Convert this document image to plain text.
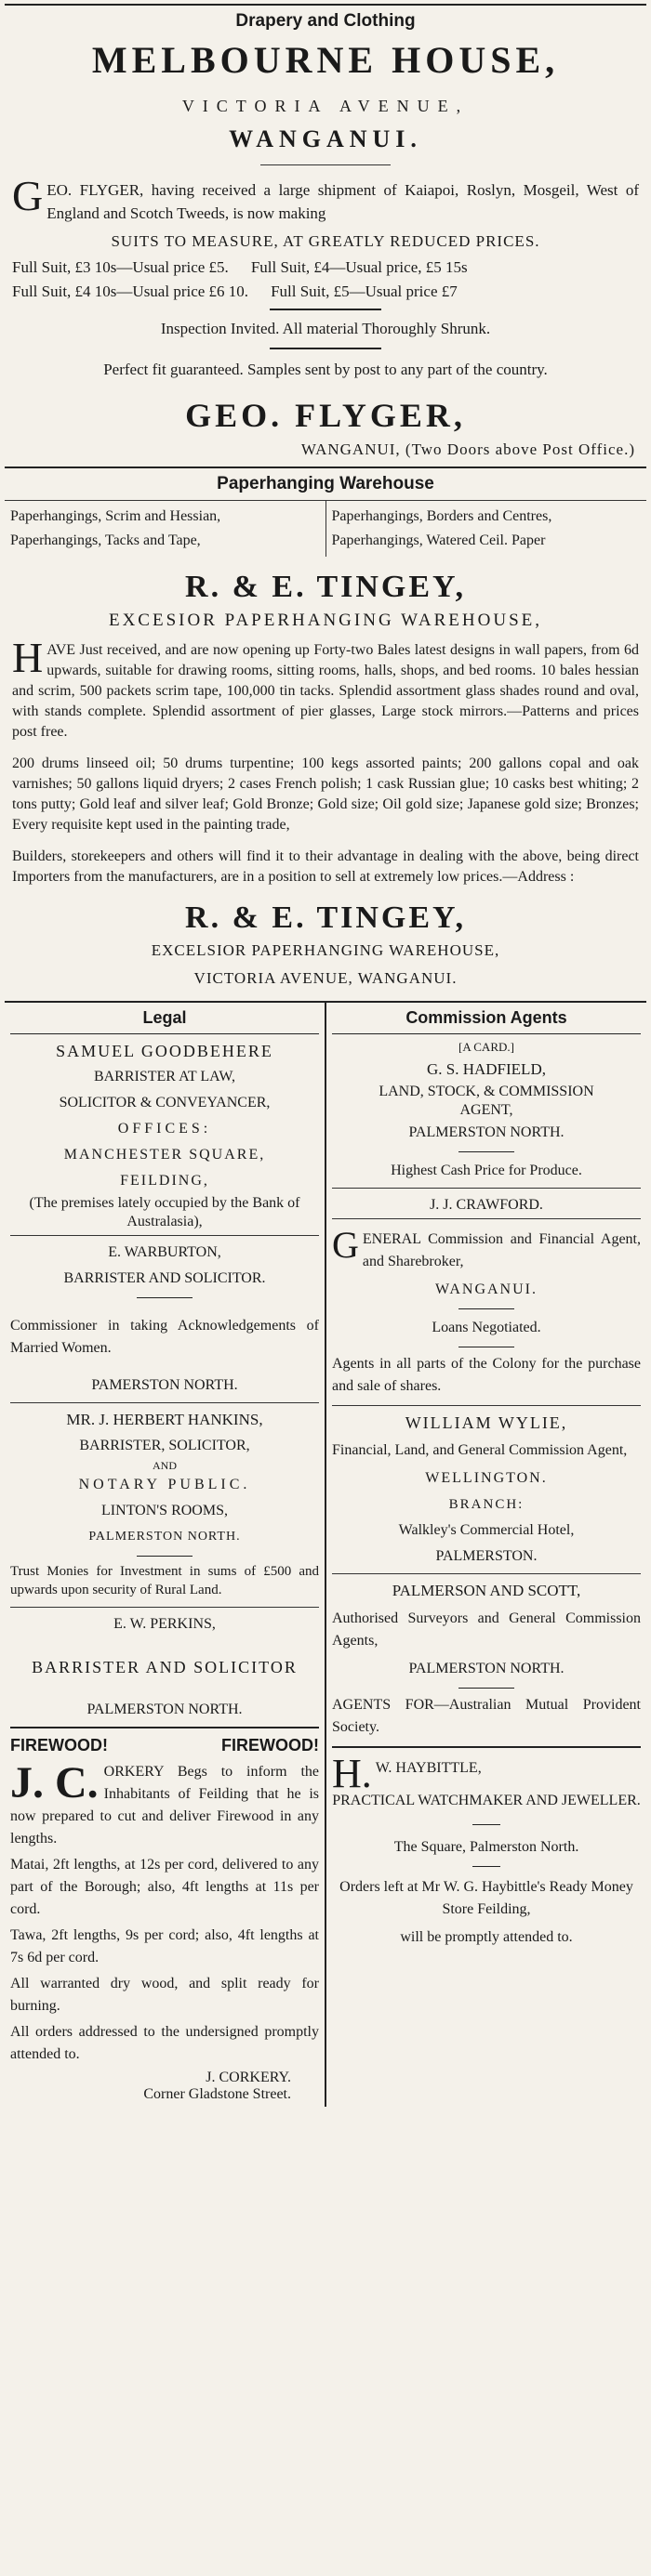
Drapery and Clothing
MELBOURNE HOUSE,
VICTORIA AVENUE,
WANGANUI.
G EO. FLYGER, having received a large shipment of Kaiapoi, Roslyn, Mosgeil, West of England and Scotch Tweeds, is now making
SUITS TO MEASURE, AT GREATLY REDUCED PRICES.
Full Suit, £3 10s—Usual price £5. Full Suit, £4—Usual price, £5 15s
Full Suit, £4 10s—Usual price £6 10. Full Suit, £5—Usual price £7
Inspection Invited. All material Thoroughly Shrunk.
Perfect fit guaranteed. Samples sent by post to any part of the country.
GEO. FLYGER,
WANGANUI, (Two Doors above Post Office.)
Paperhanging Warehouse
Paperhangings, Scrim and Hessian,
Paperhangings, Tacks and Tape,
Paperhangings, Borders and Centres,
Paperhangings, Watered Ceil. Paper
R. & E. TINGEY,
EXCESIOR PAPERHANGING WAREHOUSE,
H AVE Just received, and are now opening up Forty-two Bales latest designs in wall papers, from 6d upwards, suitable for drawing rooms, sitting rooms, halls, shops, and bed rooms. 10 bales hessian and scrim, 500 packets scrim tape, 100,000 tin tacks. Splendid assortment glass shades round and oval, with stands complete. Splendid assortment of pier glasses, Large stock mirrors.—Patterns and prices post free.
200 drums linseed oil; 50 drums turpentine; 100 kegs assorted paints; 200 gallons copal and oak varnishes; 50 gallons liquid dryers; 2 cases French polish; 1 cask Russian glue; 10 casks best whiting; 2 tons putty; Gold leaf and silver leaf; Gold Bronze; Gold size; Oil gold size; Japanese gold size; Bronzes; Every requisite kept used in the painting trade,
Builders, storekeepers and others will find it to their advantage in dealing with the above, being direct Importers from the manufacturers, are in a position to sell at extremely low prices.—Address :
R. & E. TINGEY,
EXCELSIOR PAPERHANGING WAREHOUSE,
VICTORIA AVENUE, WANGANUI.
Legal
SAMUEL GOODBEHERE
BARRISTER AT LAW,
SOLICITOR & CONVEYANCER,
OFFICES:
MANCHESTER SQUARE,
FEILDING,
(The premises lately occupied by the Bank of Australasia),
E. WARBURTON,
BARRISTER AND SOLICITOR.
Commissioner in taking Acknowledgements of Married Women.
PAMERSTON NORTH.
MR. J. HERBERT HANKINS,
BARRISTER, SOLICITOR,
AND
NOTARY PUBLIC.
LINTON'S ROOMS,
PALMERSTON NORTH.
Trust Monies for Investment in sums of £500 and upwards upon security of Rural Land.
E. W. PERKINS,
BARRISTER AND SOLICITOR
PALMERSTON NORTH.
FIREWOOD!	FIREWOOD!
J. C. ORKERY Begs to inform the Inhabitants of Feilding that he is now prepared to cut and deliver Firewood in any lengths.
Matai, 2ft lengths, at 12s per cord, delivered to any part of the Borough; also, 4ft lengths at 11s per cord.
Tawa, 2ft lengths, 9s per cord; also, 4ft lengths at 7s 6d per cord.
All warranted dry wood, and split ready for burning.
All orders addressed to the undersigned promptly attended to.
J. CORKERY.
Corner Gladstone Street.
Commission Agents
[A CARD.]
G. S. HADFIELD,
LAND, STOCK, & COMMISSION
AGENT,
PALMERSTON NORTH.
Highest Cash Price for Produce.
J. J. CRAWFORD.
G ENERAL Commission and Financial Agent, and Sharebroker,
WANGANUI.
Loans Negotiated.
Agents in all parts of the Colony for the purchase and sale of shares.
WILLIAM WYLIE,
Financial, Land, and General Commission Agent,
WELLINGTON.
BRANCH:
Walkley's Commercial Hotel,
PALMERSTON.
PALMERSON AND SCOTT,
Authorised Surveyors and General Commission Agents,
PALMERSTON NORTH.
AGENTS FOR—Australian Mutual Provident Society.
H. W. HAYBITTLE,
PRACTICAL WATCHMAKER AND JEWELLER.
The Square, Palmerston North.
Orders left at Mr W. G. Haybittle's Ready Money Store Feilding,
will be promptly attended to.
